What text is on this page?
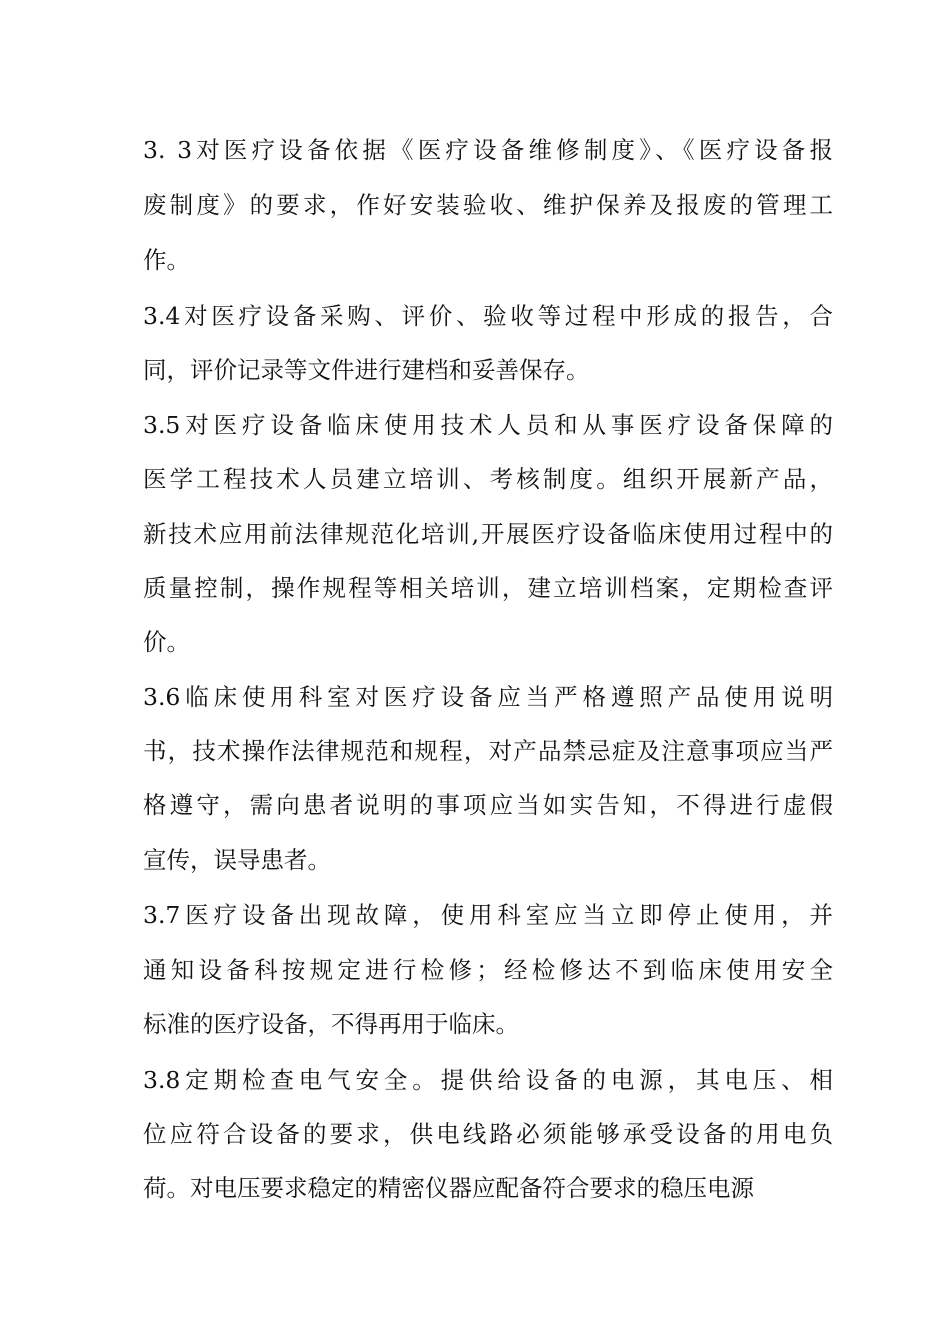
3. 3对医疗设备依据《医疗设备维修制度》、《医疗设备报
废制度》的要求，作好安装验收、维护保养及报废的管理工
作。
3.4对医疗设备采购、评价、验收等过程中形成的报告，合
同，评价记录等文件进行建档和妥善保存。
3.5对医疗设备临床使用技术人员和从事医疗设备保障的
医学工程技术人员建立培训、考核制度。组织开展新产品，
新技术应用前法律规范化培训,开展医疗设备临床使用过程中的
质量控制，操作规程等相关培训，建立培训档案，定期检查评
价。
3.6临床使用科室对医疗设备应当严格遵照产品使用说明
书，技术操作法律规范和规程，对产品禁忌症及注意事项应当严
格遵守，需向患者说明的事项应当如实告知，不得进行虚假
宣传，误导患者。
3.7医疗设备出现故障，使用科室应当立即停止使用，并
通知设备科按规定进行检修；经检修达不到临床使用安全
标准的医疗设备，不得再用于临床。
3.8定期检查电气安全。提供给设备的电源，其电压、相
位应符合设备的要求，供电线路必须能够承受设备的用电负
荷。对电压要求稳定的精密仪器应配备符合要求的稳压电源
